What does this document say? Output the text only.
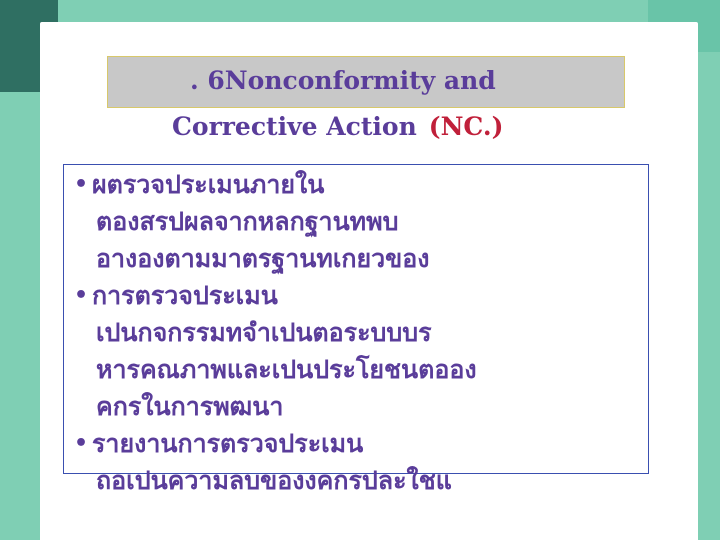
. 6Nonconformity and
Corrective Action (NC.)
• ผตรวจประเมนภายใน
ตองสรปผลจากหลกฐานทพบ
อางองตามมาตรฐานทเกยวของ
• การตรวจประเมน
เปนกจกรรมทจำเปนตอระบบบร
หารคณภาพและเปนประโยชนตออง
คกรในการพฒนา
• รายงานการตรวจประเมน
ถอเปนความลบของงคกรปละใชแ
